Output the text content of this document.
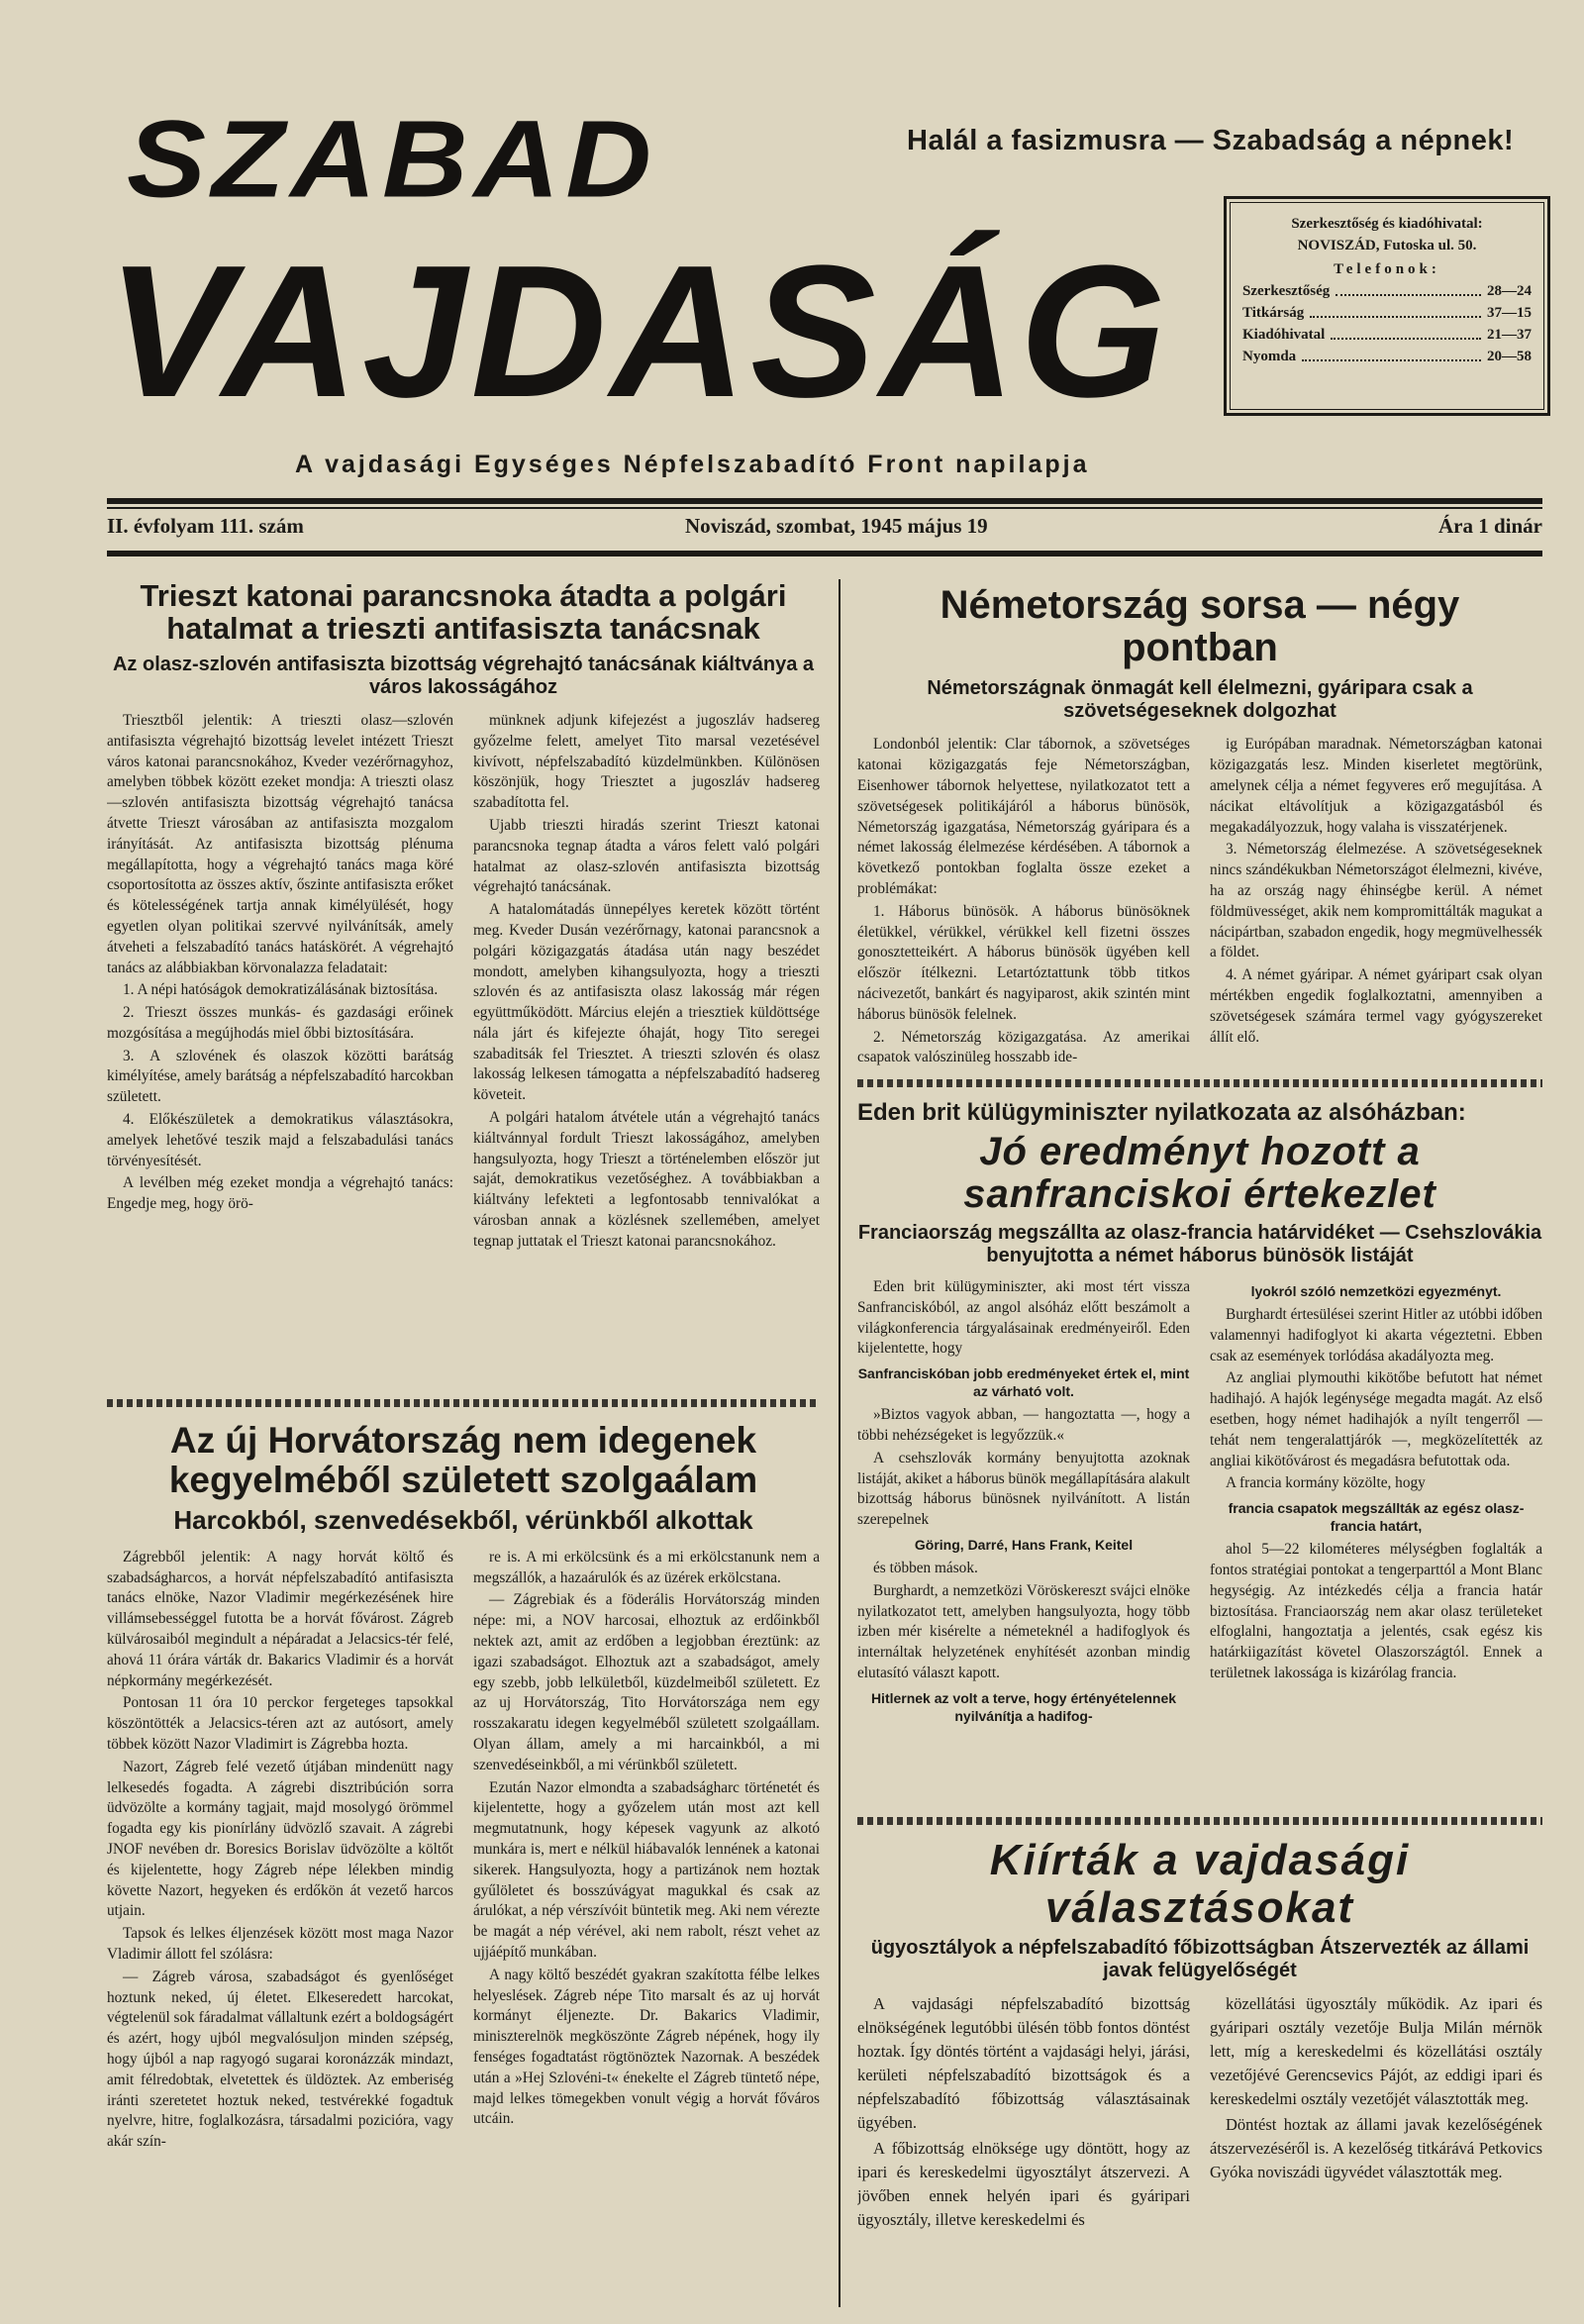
SZABAD
VAJDASÁG
Halál a fasizmusra — Szabadság a népnek!
Szerkesztőség és kiadóhivatal:
NOVISZÁD, Futoska ul. 50.
Telefonok:
Szerkesztőség	28—24
Titkárság	37—15
Kiadóhivatal	21—37
Nyomda	20—58
A vajdasági Egységes Népfelszabadító Front napilapja
II. évfolyam 111. szám	Noviszád, szombat, 1945 május 19	Ára 1 dinár
Trieszt katonai parancsnoka átadta a polgári hatalmat a trieszti antifasiszta tanácsnak
Az olasz-szlovén antifasiszta bizottság végrehajtó tanácsának kiáltványa a város lakosságához

Triesztből jelentik: A trieszti olasz—szlovén antifasiszta végrehajtó bizottság levelet intézett Trieszt város katonai parancsnokához, Kveder vezérőrnagyhoz, amelyben többek között ezeket mondja: A trieszti olasz—szlovén antifasiszta bizottság végrehajtó tanácsa átvette Trieszt városában az antifasiszta mozgalom irányítását. Az antifasiszta bizottság plénuma megállapította, hogy a végrehajtó tanács maga köré csoportosította az összes aktív, őszinte antifasiszta erőket és kötelességének tartja annak kimélyülését, hogy egyetlen olyan politikai szervvé nyilvánítsák, amely átveheti a felszabadító tanács hatáskörét. A végrehajtó tanács az alábbiakban körvonalazza feladatait:

1. A népi hatóságok demokratizálásának biztosítása.

2. Trieszt összes munkás- és gazdasági erőinek mozgósítása a megújhodás miel őbbi biztosítására.

3. A szlovének és olaszok közötti barátság kimélyítése, amely barátság a népfelszabadító harcokban született.

4. Előkészületek a demokratikus választásokra, amelyek lehetővé teszik majd a felszabadulási tanács törvényesítését.

A levélben még ezeket mondja a végrehajtó tanács: Engedje meg, hogy örö-

münknek adjunk kifejezést a jugoszláv hadsereg győzelme felett, amelyet Tito marsal vezetésével kivívott, népfelszabadító küzdelmünkben. Különösen köszönjük, hogy Triesztet a jugoszláv hadsereg szabadította fel.

Ujabb trieszti hiradás szerint Trieszt katonai parancsnoka tegnap átadta a város felett való polgári hatalmat az olasz-szlovén antifasiszta bizottság végrehajtó tanácsának.

A hatalomátadás ünnepélyes keretek között történt meg. Kveder Dusán vezérőrnagy, katonai parancsnok a polgári közigazgatás átadása után nagy beszédet mondott, amelyben kihangsulyozta, hogy a trieszti szlovén és az antifasiszta olasz lakosság már régen együttműködött. Március elején a triesztiek küldöttsége nála járt és kifejezte óhaját, hogy Tito seregei szabaditsák fel Triesztet. A trieszti szlovén és olasz lakosság lelkesen támogatta a népfelszabadító hadsereg követeit.

A polgári hatalom átvétele után a végrehajtó tanács kiáltvánnyal fordult Trieszt lakosságához, amelyben hangsulyozta, hogy Trieszt a történelemben először jut saját, demokratikus vezetőséghez. A továbbiakban a kiáltvány lefekteti a legfontosabb tennivalókat a városban annak a közlésnek szellemében, amelyet tegnap juttatak el Trieszt katonai parancsnokához.

Az új Horvátország nem idegenek kegyelméből született szolgaálam
Harcokból, szenvedésekből, vérünkből alkottak

Zágrebből jelentik: A nagy horvát költő és szabadságharcos, a horvát népfelszabadító antifasiszta tanács elnöke, Nazor Vladimir megérkezésének hire villámsebességgel futotta be a horvát fővárost. Zágreb külvárosaiból megindult a népáradat a Jelacsics-tér felé, ahová 11 órára várták dr. Bakarics Vladimir és a horvát népkormány megérkezését.

Pontosan 11 óra 10 perckor fergeteges tapsokkal köszöntötték a Jelacsics-téren azt az autósort, amely többek között Nazor Vladimirt is Zágrebba hozta.

Nazort, Zágreb felé vezető útjában mindenütt nagy lelkesedés fogadta. A zágrebi disztribúción sorra üdvözölte a kormány tagjait, majd mosolygó örömmel fogadta egy kis pionírlány üdvözlő szavait. A zágrebi JNOF nevében dr. Boresics Borislav üdvözölte a költőt és kijelentette, hogy Zágreb népe lélekben mindig követte Nazort, hegyeken és erdőkön át vezető harcos utjain.

Tapsok és lelkes éljenzések között most maga Nazor Vladimir állott fel szólásra:

— Zágreb városa, szabadságot és gyenlőséget hoztunk neked, új életet. Elkeseredett harcokat, végtelenül sok fáradalmat vállaltunk ezért a boldogságért és azért, hogy ujból megvalósuljon minden szépség, hogy újból a nap ragyogó sugarai koronázzák mindazt, amit félredobtak, elvetettek és üldöztek. Az emberiség iránti szeretetet hoztuk neked, testvérekké fogadtuk nyelvre, hitre, foglalkozásra, társadalmi pozicióra, vagy akár szín-

re is. A mi erkölcsünk és a mi erkölcstanunk nem a megszállók, a hazaárulók és az üzérek erkölcstana.

— Zágrebiak és a föderális Horvátország minden népe: mi, a NOV harcosai, elhoztuk az erdőinkből nektek azt, amit az erdőben a legjobban éreztünk: az igazi szabadságot. Elhoztuk azt a szabadságot, amely egy szebb, jobb lelkületből, küzdelmeiből született. Ez az uj Horvátország, Tito Horvátországa nem egy rosszakaratu idegen kegyelméből született szolgaállam. Olyan állam, amely a mi harcainkból, a mi szenvedéseinkből, a mi vérünkből született.

Ezután Nazor elmondta a szabadságharc történetét és kijelentette, hogy a győzelem után most azt kell megmutatnunk, hogy képesek vagyunk az alkotó munkára is, mert e nélkül hiábavalók lennének a katonai sikerek. Hangsulyozta, hogy a partizánok nem hoztak gyűlöletet és bosszúvágyat magukkal és csak az árulókat, a nép vérszívóit büntetik meg. Aki nem vérezte be magát a nép vérével, aki nem rabolt, részt vehet az ujjáépítő munkában.

A nagy költő beszédét gyakran szakította félbe lelkes helyeslések. Zágreb népe Tito marsalt és az uj horvát kormányt éljenezte. Dr. Bakarics Vladimir, miniszterelnök megköszönte Zágreb népének, hogy ily fenséges fogadtatást rögtönöztek Nazornak. A beszédek után a »Hej Szlovéni-t« énekelte el Zágreb tüntető népe, majd lelkes tömegekben vonult végig a horvát főváros utcáin.

Németország sorsa — négy pontban
Németországnak önmagát kell élelmezni, gyáripara csak a szövetségeseknek dolgozhat

Londonból jelentik: Clar tábornok, a szövetséges katonai közigazgatás feje Németországban, Eisenhower tábornok helyettese, nyilatkozatot tett a szövetségesek politikájáról a háborus bünösök, Németország igazgatása, Németország gyáripara és a német lakosság élelmezése kérdésében. A tábornok a következő pontokban foglalta össze ezeket a problémákat:

1. Háborus bünösök. A háborus bünösöknek életükkel, vérükkel, vérükkel kell fizetni összes gonosztetteikért. A háborus bünösök ügyében kell először ítélkezni. Letartóztattunk több titkos nácivezetőt, bankárt és nagyiparost, akik szintén mint háborus bünösök felelnek.

2. Németország közigazgatása. Az amerikai csapatok valószinüleg hosszabb ide-

ig Európában maradnak. Németországban katonai közigazgatás lesz. Minden kiserletet megtörünk, amelynek célja a német fegyveres erő megujítása. A nácikat eltávolítjuk a közigazgatásból és megakadályozzuk, hogy valaha is visszatérjenek.

3. Németország élelmezése. A szövetségeseknek nincs szándékukban Németországot élelmezni, kivéve, ha az ország nagy éhinségbe kerül. A német földmüvességet, akik nem kompromittálták magukat a nácipártban, szabadon engedik, hogy megmüvelhessék a földet.

4. A német gyáripar. A német gyáripart csak olyan mértékben engedik foglalkoztatni, amennyiben a szövetségesek számára termel vagy gyógyszereket állít elő.

Eden brit külügyminiszter nyilatkozata az alsóházban:
Jó eredményt hozott a sanfranciskoi értekezlet
Franciaország megszállta az olasz-francia határvidéket — Csehszlovákia benyujtotta a német háborus bünösök listáját

Eden brit külügyminiszter, aki most tért vissza Sanfranciskóból, az angol alsóház előtt beszámolt a világkonferencia tárgyalásainak eredményeiről. Eden kijelentette, hogy

Sanfranciskóban jobb eredményeket értek el, mint az várható volt.

»Biztos vagyok abban, — hangoztatta —, hogy a többi nehézségeket is legyőzzük.«

A csehszlovák kormány benyujtotta azoknak listáját, akiket a háborus bünök megállapítására alakult bizottság háborus bünösnek nyilvánított. A listán szerepelnek

Göring, Darré, Hans Frank, Keitel

és többen mások.

Burghardt, a nemzetközi Vöröskereszt svájci elnöke nyilatkozatot tett, amelyben hangsulyozta, hogy több izben mér kisérelte a németeknél a hadifoglyok és internáltak helyzetének enyhítését azonban mindig elutasító választ kapott.

Hitlernek az volt a terve, hogy értényételennek nyilvánítja a hadifog-

lyokról szóló nemzetközi egyezményt.

Burghardt értesülései szerint Hitler az utóbbi időben valamennyi hadifoglyot ki akarta végeztetni. Ebben csak az események torlódása akadályozta meg.

Az angliai plymouthi kikötőbe befutott hat német hadihajó. A hajók legénysége megadta magát. Az első esetben, hogy német hadihajók a nyílt tengerről — tehát nem tengeralattjárók —, megközelítették az angliai kikötővárost és megadásra befutottak oda.

A francia kormány közölte, hogy

francia csapatok megszállták az egész olasz-francia határt,

ahol 5—22 kilométeres mélységben foglalták a fontos stratégiai pontokat a tengerparttól a Mont Blanc hegységig. Az intézkedés célja a francia határ biztosítása. Franciaország nem akar olasz területeket elfoglalni, hangoztatja a jelentés, csak egész kis határkiigazítást követel Olaszországtól. Ennek a területnek lakossága is kizárólag francia.

Kiírták a vajdasági választásokat
ügyosztályok a népfelszabadító főbizottságban Átszervezték az állami javak felügyelőségét

A vajdasági népfelszabadító bizottság elnökségének legutóbbi ülésén több fontos döntést hoztak. Így döntés történt a vajdasági helyi, járási, kerületi népfelszabadító bizottságok és a népfelszabadító főbizottság választásainak ügyében.

A főbizottság elnöksége ugy döntött, hogy az ipari és kereskedelmi ügyosztályt átszervezi. A jövőben ennek helyén ipari és gyáripari ügyosztály, illetve kereskedelmi és

közellátási ügyosztály működik. Az ipari és gyáripari osztály vezetője Bulja Milán mérnök lett, míg a kereskedelmi és közellátási osztály vezetőjévé Gerencsevics Pájót, az eddigi ipari és kereskedelmi osztály vezetőjét választották meg.

Döntést hoztak az állami javak kezelőségének átszervezéséről is. A kezelőség titkárává Petkovics Gyóka noviszádi ügyvédet választották meg.
